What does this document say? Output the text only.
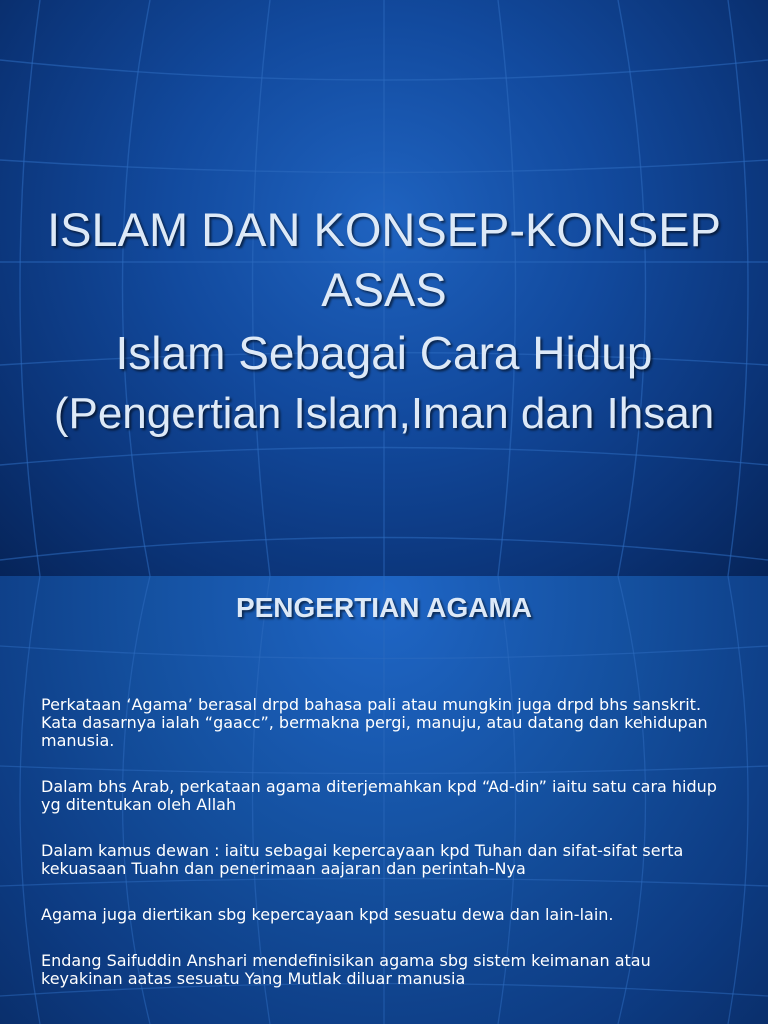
ISLAM DAN KONSEP-KONSEP
ASAS
Islam Sebagai Cara Hidup
(Pengertian Islam,Iman dan Ihsan
PENGERTIAN AGAMA

Perkataan ‘Agama’ berasal drpd bahasa pali atau mungkin juga drpd bhs sanskrit. Kata dasarnya ialah “gaacc”, bermakna pergi, manuju, atau datang dan kehidupan manusia.

Dalam bhs Arab, perkataan agama diterjemahkan kpd “Ad-din” iaitu satu cara hidup yg ditentukan oleh Allah

Dalam kamus dewan : iaitu sebagai kepercayaan kpd Tuhan dan sifat-sifat serta kekuasaan Tuahn dan penerimaan aajaran dan perintah-Nya

Agama juga diertikan sbg kepercayaan kpd sesuatu dewa dan lain-lain.

Endang Saifuddin Anshari mendefinisikan agama sbg sistem keimanan atau keyakinan aatas sesuatu Yang Mutlak diluar manusia
